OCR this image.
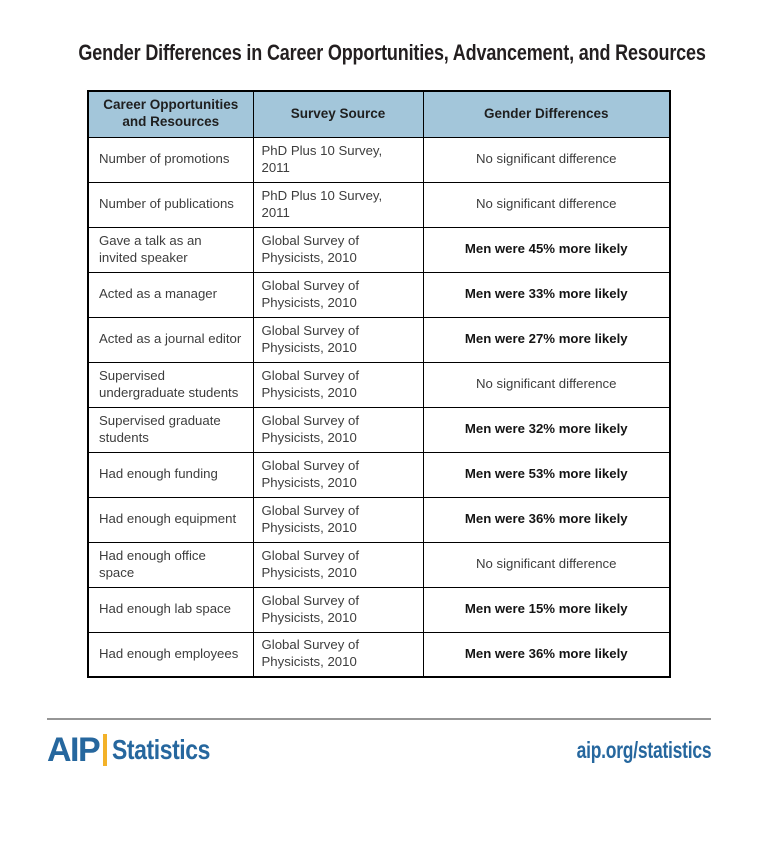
Gender Differences in Career Opportunities, Advancement, and Resources
Career Opportunities and Resources	Survey Source	Gender Differences
Number of promotions	PhD Plus 10 Survey, 2011	No significant difference
Number of publications	PhD Plus 10 Survey, 2011	No significant difference
Gave a talk as an invited speaker	Global Survey of Physicists, 2010	Men were 45% more likely
Acted as a manager	Global Survey of Physicists, 2010	Men were 33% more likely
Acted as a journal editor	Global Survey of Physicists, 2010	Men were 27% more likely
Supervised undergraduate students	Global Survey of Physicists, 2010	No significant difference
Supervised graduate students	Global Survey of Physicists, 2010	Men were 32% more likely
Had enough funding	Global Survey of Physicists, 2010	Men were 53% more likely
Had enough equipment	Global Survey of Physicists, 2010	Men were 36% more likely
Had enough office space	Global Survey of Physicists, 2010	No significant difference
Had enough lab space	Global Survey of Physicists, 2010	Men were 15% more likely
Had enough employees	Global Survey of Physicists, 2010	Men were 36% more likely
AIP Statistics	aip.org/statistics
